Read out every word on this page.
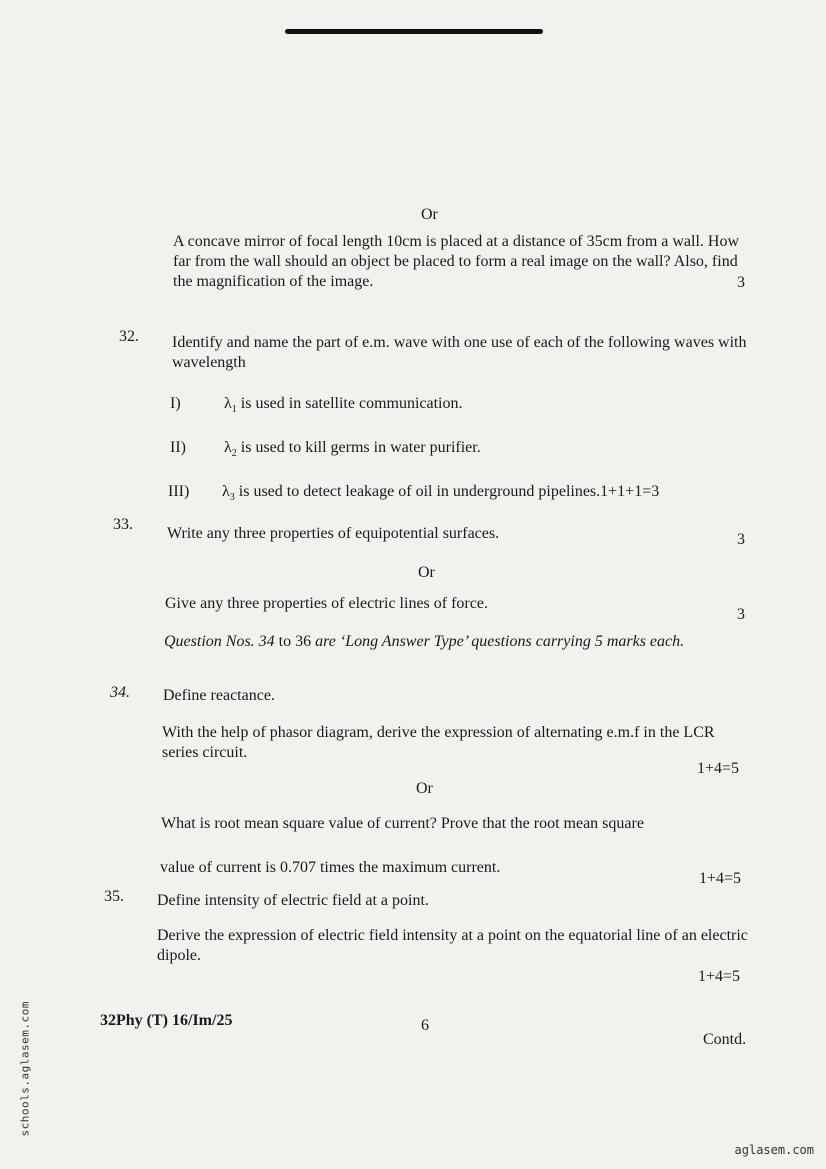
Or
A concave mirror of focal length 10cm is placed at a distance of 35cm from a wall. How far from the wall should an object be placed to form a real image on the wall? Also, find the magnification of the image.	3
32. Identify and name the part of e.m. wave with one use of each of the following waves with wavelength
I)	$\lambda_1$ is used in satellite communication.
II) $\lambda_2$ is used to kill germs in water purifier.
III) $\lambda_3$ is used to detect leakage of oil in underground pipelines.1+1+1=3
33.
Write any three properties of equipotential surfaces.	3
Or
Give any three properties of electric lines of force.
3
Question Nos. 34 to 36 are ‘Long Answer Type’ questions carrying 5 marks each.
34. Define reactance.
With the help of phasor diagram, derive the expression of alternating e.m.f in the LCR series circuit.
1+4=5
Or
What is root mean square value of current? Prove that the root mean square
value of current is 0.707 times the maximum current.
1+4=5
35. Define intensity of electric field at a point.
Derive the expression of electric field intensity at a point on the equatorial line of an electric dipole.
1+4=5
32Phy (T) 16/Im/25	6
Contd.
schools.aglasem.com
aglasem.com
